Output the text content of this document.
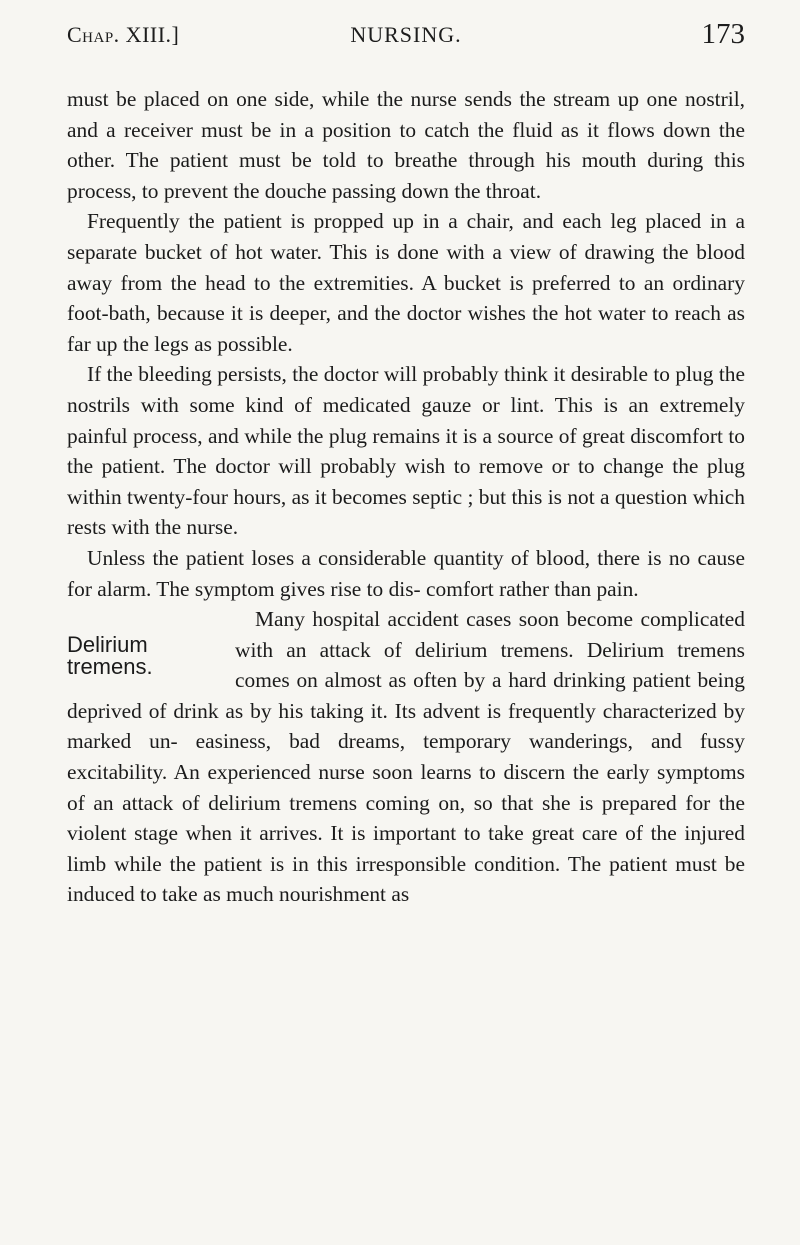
Chap. XIII.]	NURSING.	173

must be placed on one side, while the nurse sends the stream up one nostril, and a receiver must be in a position to catch the fluid as it flows down the other. The patient must be told to breathe through his mouth during this process, to prevent the douche passing down the throat.

Frequently the patient is propped up in a chair, and each leg placed in a separate bucket of hot water. This is done with a view of drawing the blood away from the head to the extremities. A bucket is preferred to an ordinary foot-bath, because it is deeper, and the doctor wishes the hot water to reach as far up the legs as possible.

If the bleeding persists, the doctor will probably think it desirable to plug the nostrils with some kind of medicated gauze or lint. This is an extremely painful process, and while the plug remains it is a source of great discomfort to the patient. The doctor will probably wish to remove or to change the plug within twenty-four hours, as it becomes septic ; but this is not a question which rests with the nurse.

Unless the patient loses a considerable quantity of blood, there is no cause for alarm. The symptom gives rise to dis- comfort rather than pain.

Delirium tremens.

Many hospital accident cases soon become complicated with an attack of delirium tremens. Delirium tremens comes on almost as often by a hard drinking patient being deprived of drink as by his taking it. Its advent is frequently characterized by marked un- easiness, bad dreams, temporary wanderings, and fussy excitability. An experienced nurse soon learns to discern the early symptoms of an attack of delirium tremens coming on, so that she is prepared for the violent stage when it arrives. It is important to take great care of the injured limb while the patient is in this irresponsible condition. The patient must be induced to take as much nourishment as
